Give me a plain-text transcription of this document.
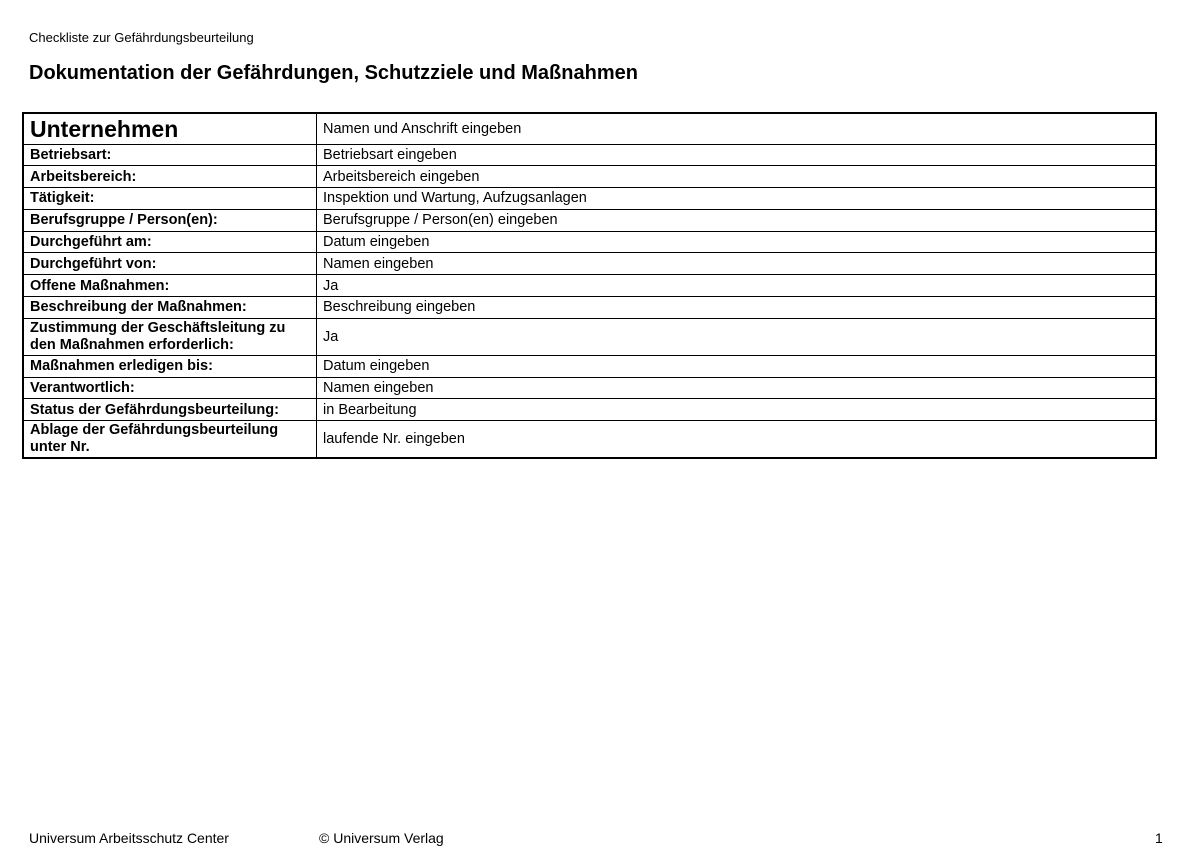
Checkliste zur Gefährdungsbeurteilung
Dokumentation der Gefährdungen, Schutzziele und Maßnahmen
Unternehmen	Namen und Anschrift eingeben
Betriebsart:	Betriebsart eingeben
Arbeitsbereich:	Arbeitsbereich eingeben
Tätigkeit:	Inspektion und Wartung, Aufzugsanlagen
Berufsgruppe / Person(en):	Berufsgruppe / Person(en) eingeben
Durchgeführt am:	Datum eingeben
Durchgeführt von:	Namen eingeben
Offene Maßnahmen:	Ja
Beschreibung der Maßnahmen:	Beschreibung eingeben
Zustimmung der Geschäftsleitung zu den Maßnahmen erforderlich:	Ja
Maßnahmen erledigen bis:	Datum eingeben
Verantwortlich:	Namen eingeben
Status der Gefährdungsbeurteilung:	in Bearbeitung
Ablage der Gefährdungsbeurteilung unter Nr.	laufende Nr. eingeben
Universum Arbeitsschutz Center	© Universum Verlag	1
